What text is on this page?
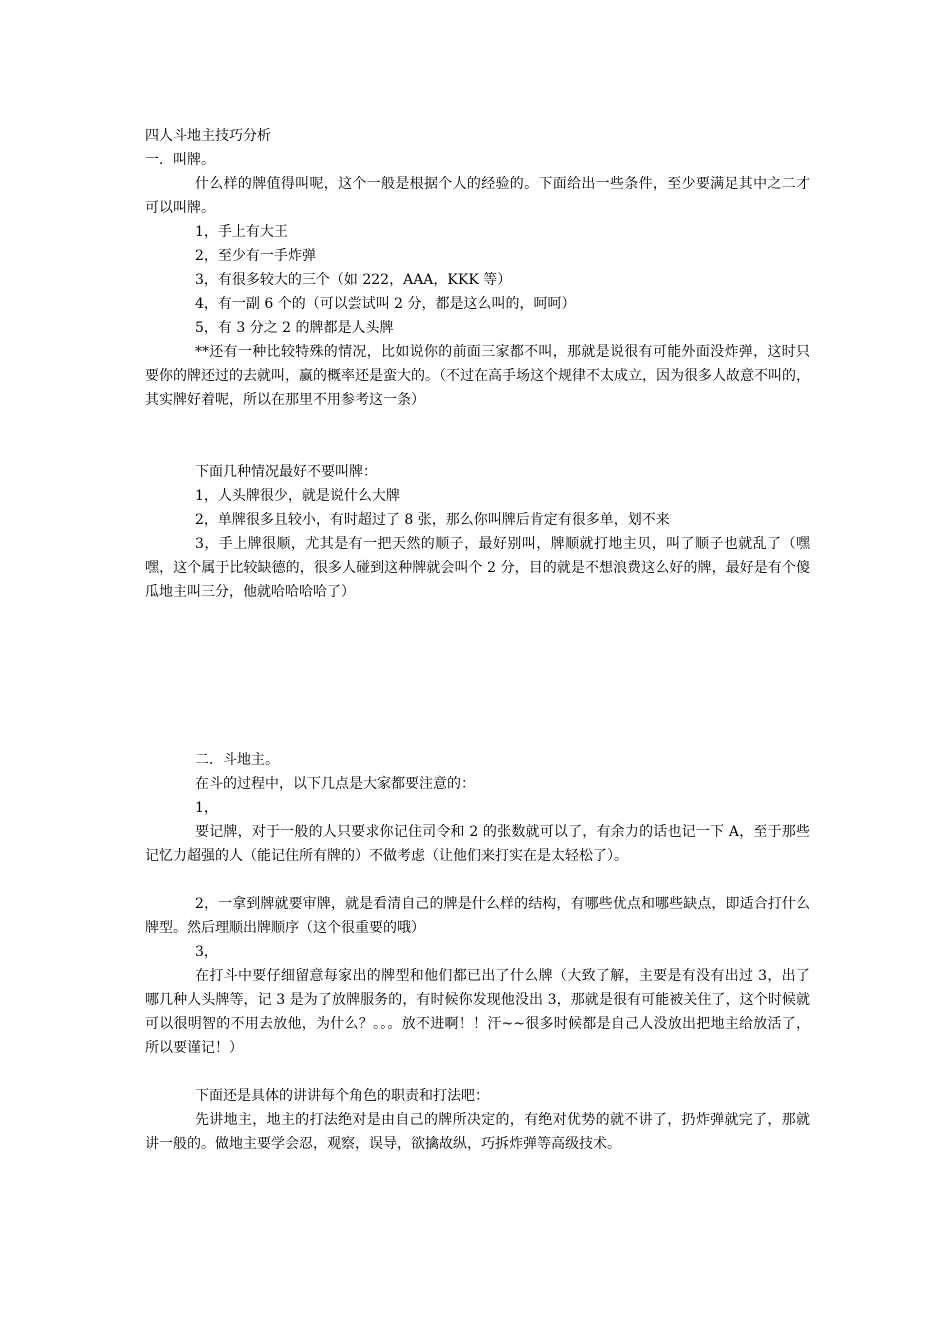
四人斗地主技巧分析

一．叫牌。

什么样的牌值得叫呢，这个一般是根据个人的经验的。下面给出一些条件，至少要满足其中之二才可以叫牌。

1，手上有大王

2，至少有一手炸弹

3，有很多较大的三个（如 222，AAA，KKK 等）

4，有一副 6 个的（可以尝试叫 2 分，都是这么叫的，呵呵）

5，有 3 分之 2 的牌都是人头牌

**还有一种比较特殊的情况，比如说你的前面三家都不叫，那就是说很有可能外面没炸弹，这时只要你的牌还过的去就叫，赢的概率还是蛮大的。（不过在高手场这个规律不太成立，因为很多人故意不叫的，其实牌好着呢，所以在那里不用参考这一条）

下面几种情况最好不要叫牌：

1，人头牌很少，就是说什么大牌

2，单牌很多且较小，有时超过了 8 张，那么你叫牌后肯定有很多单，划不来

3，手上牌很顺，尤其是有一把天然的顺子，最好别叫，牌顺就打地主贝，叫了顺子也就乱了（嘿嘿，这个属于比较缺德的，很多人碰到这种牌就会叫个 2 分，目的就是不想浪费这么好的牌，最好是有个傻瓜地主叫三分，他就哈哈哈哈了）

二．斗地主。

在斗的过程中，以下几点是大家都要注意的：

1，

要记牌，对于一般的人只要求你记住司令和 2 的张数就可以了，有余力的话也记一下 A，至于那些记忆力超强的人（能记住所有牌的）不做考虑（让他们来打实在是太轻松了）。

2，一拿到牌就要审牌，就是看清自己的牌是什么样的结构，有哪些优点和哪些缺点，即适合打什么牌型。然后理顺出牌顺序（这个很重要的哦）

3，

在打斗中要仔细留意每家出的牌型和他们都已出了什么牌（大致了解，主要是有没有出过 3，出了哪几种人头牌等，记 3 是为了放牌服务的，有时候你发现他没出 3，那就是很有可能被关住了，这个时候就可以很明智的不用去放他，为什么？。。。放不进啊！！汗~~很多时候都是自己人没放出把地主给放活了，所以要谨记！）

下面还是具体的讲讲每个角色的职责和打法吧：

先讲地主，地主的打法绝对是由自己的牌所决定的，有绝对优势的就不讲了，扔炸弹就完了，那就讲一般的。做地主要学会忍，观察，误导，欲擒故纵，巧拆炸弹等高级技术。
